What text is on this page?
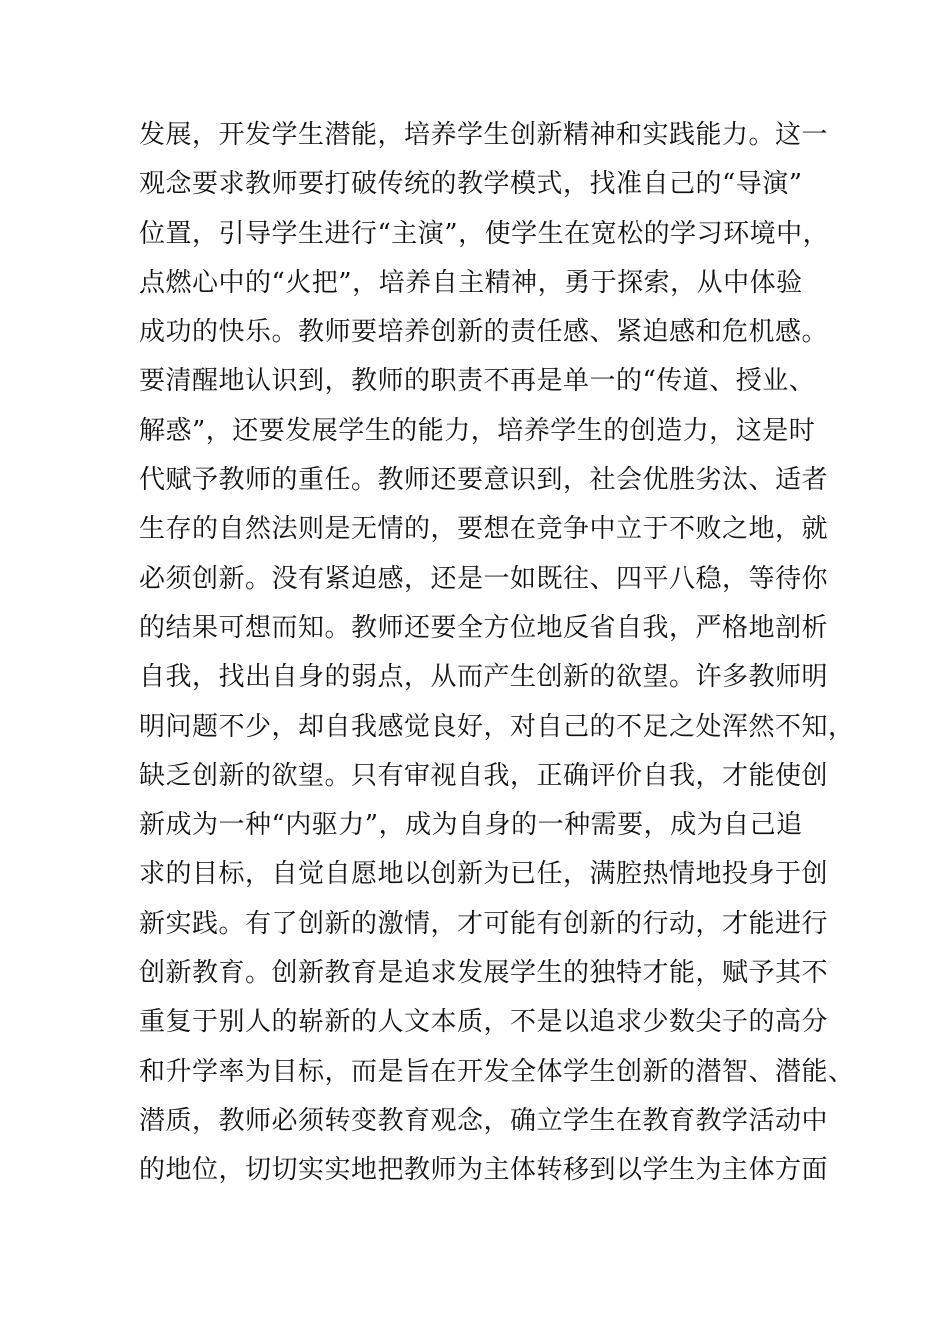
发展，开发学生潜能，培养学生创新精神和实践能力。这一
观念要求教师要打破传统的教学模式，找准自己的“导演”
位置，引导学生进行“主演”，使学生在宽松的学习环境中，
点燃心中的“火把”，培养自主精神，勇于探索，从中体验
成功的快乐。教师要培养创新的责任感、紧迫感和危机感。
要清醒地认识到，教师的职责不再是单一的“传道、授业、
解惑”，还要发展学生的能力，培养学生的创造力，这是时
代赋予教师的重任。教师还要意识到，社会优胜劣汰、适者
生存的自然法则是无情的，要想在竞争中立于不败之地，就
必须创新。没有紧迫感，还是一如既往、四平八稳，等待你
的结果可想而知。教师还要全方位地反省自我，严格地剖析
自我，找出自身的弱点，从而产生创新的欲望。许多教师明
明问题不少，却自我感觉良好，对自己的不足之处浑然不知，
缺乏创新的欲望。只有审视自我，正确评价自我，才能使创
新成为一种“内驱力”，成为自身的一种需要，成为自己追
求的目标，自觉自愿地以创新为已任，满腔热情地投身于创
新实践。有了创新的激情，才可能有创新的行动，才能进行
创新教育。创新教育是追求发展学生的独特才能，赋予其不
重复于别人的崭新的人文本质，不是以追求少数尖子的高分
和升学率为目标，而是旨在开发全体学生创新的潜智、潜能、
潜质，教师必须转变教育观念，确立学生在教育教学活动中
的地位，切切实实地把教师为主体转移到以学生为主体方面
